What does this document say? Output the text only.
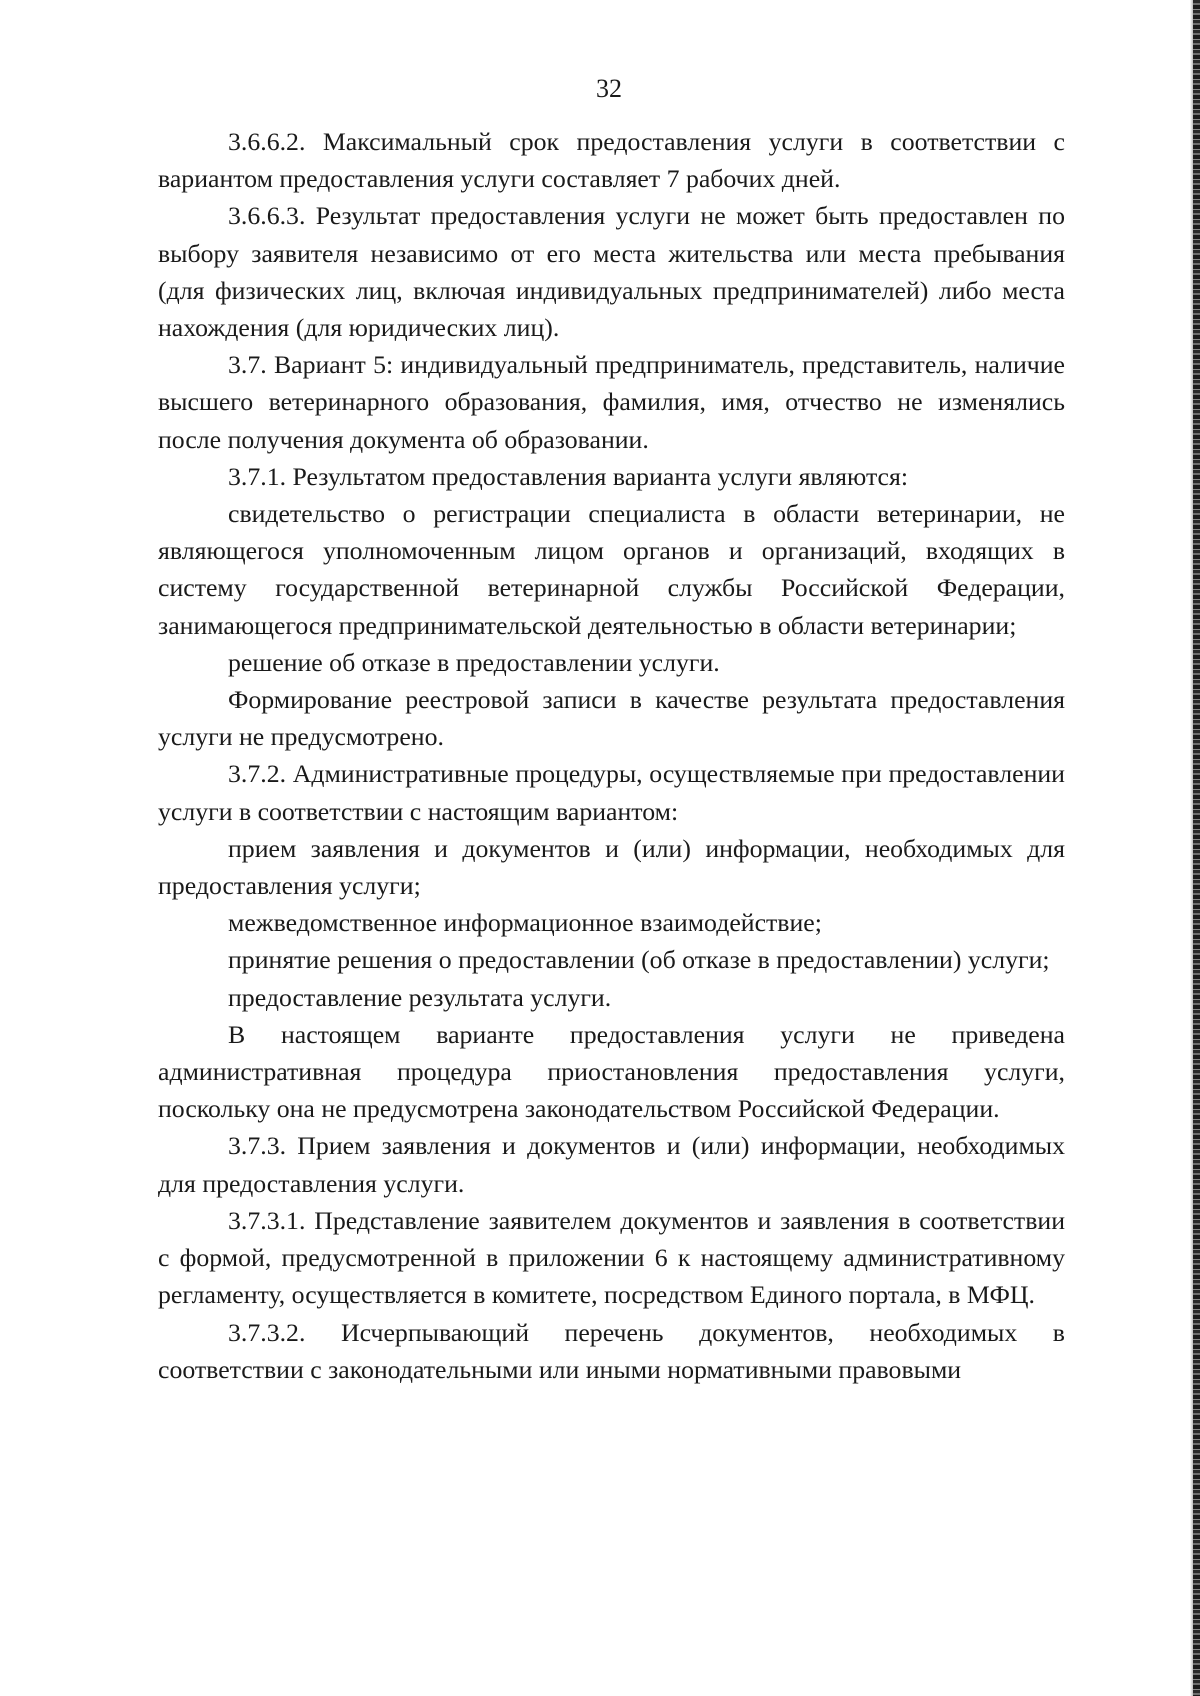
32

3.6.6.2. Максимальный срок предоставления услуги в соответствии с вариантом предоставления услуги составляет 7 рабочих дней.

3.6.6.3. Результат предоставления услуги не может быть предоставлен по выбору заявителя независимо от его места жительства или места пребывания (для физических лиц, включая индивидуальных предпринимателей) либо места нахождения (для юридических лиц).

3.7. Вариант 5: индивидуальный предприниматель, представитель, наличие высшего ветеринарного образования, фамилия, имя, отчество не изменялись после получения документа об образовании.

3.7.1. Результатом предоставления варианта услуги являются:

свидетельство о регистрации специалиста в области ветеринарии, не являющегося уполномоченным лицом органов и организаций, входящих в систему государственной ветеринарной службы Российской Федерации, занимающегося предпринимательской деятельностью в области ветеринарии;

решение об отказе в предоставлении услуги.

Формирование реестровой записи в качестве результата предоставления услуги не предусмотрено.

3.7.2. Административные процедуры, осуществляемые при предоставлении услуги в соответствии с настоящим вариантом:

прием заявления и документов и (или) информации, необходимых для предоставления услуги;

межведомственное информационное взаимодействие;

принятие решения о предоставлении (об отказе в предоставлении) услуги;

предоставление результата услуги.

В настоящем варианте предоставления услуги не приведена административная процедура приостановления предоставления услуги, поскольку она не предусмотрена законодательством Российской Федерации.

3.7.3. Прием заявления и документов и (или) информации, необходимых для предоставления услуги.

3.7.3.1. Представление заявителем документов и заявления в соответствии с формой, предусмотренной в приложении 6 к настоящему административному регламенту, осуществляется в комитете, посредством Единого портала, в МФЦ.

3.7.3.2. Исчерпывающий перечень документов, необходимых в соответствии с законодательными или иными нормативными правовыми
